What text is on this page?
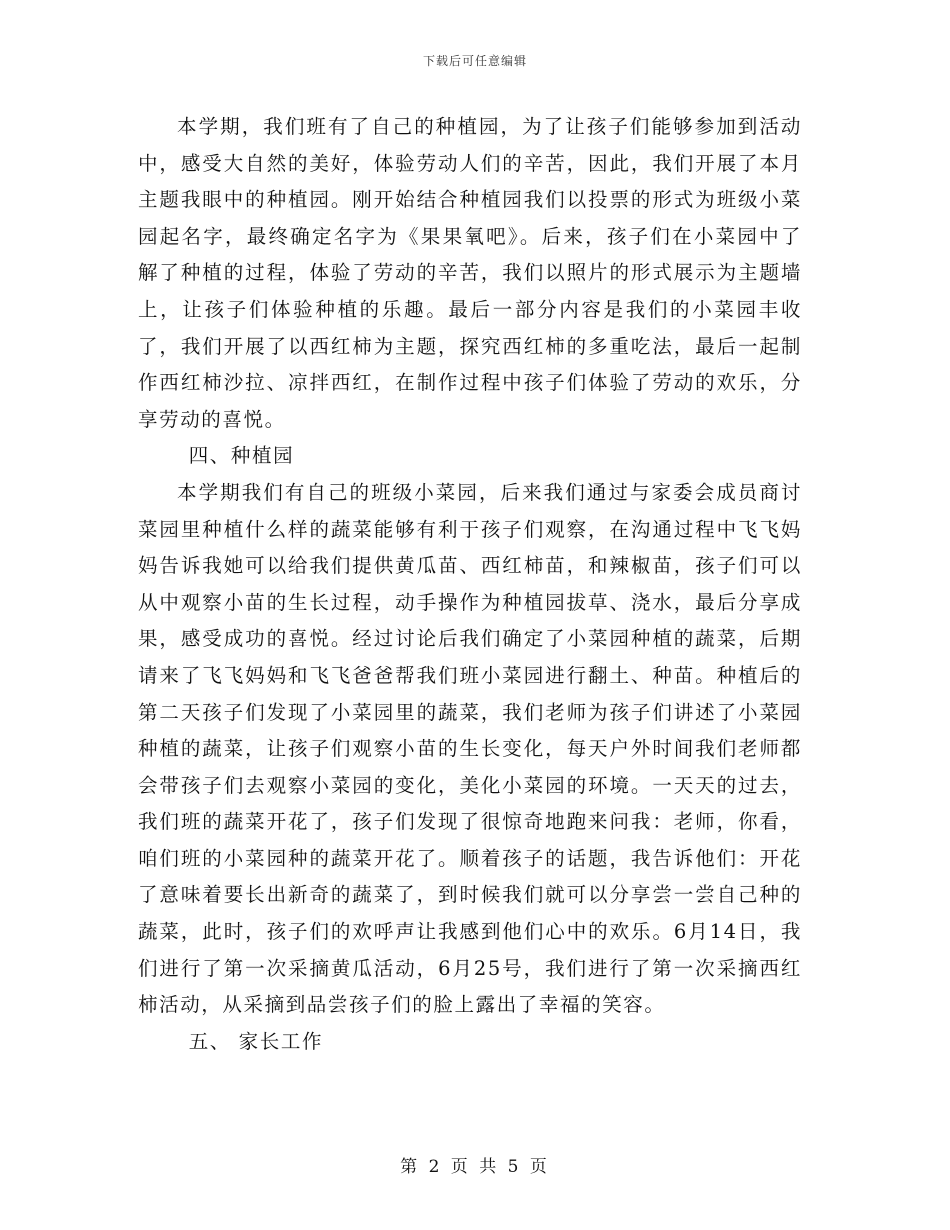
下载后可任意编辑

本学期，我们班有了自己的种植园，为了让孩子们能够参加到活动中，感受大自然的美好，体验劳动人们的辛苦，因此，我们开展了本月主题我眼中的种植园。刚开始结合种植园我们以投票的形式为班级小菜园起名字，最终确定名字为《果果氧吧》。后来，孩子们在小菜园中了解了种植的过程，体验了劳动的辛苦，我们以照片的形式展示为主题墙上，让孩子们体验种植的乐趣。最后一部分内容是我们的小菜园丰收了，我们开展了以西红柿为主题，探究西红柿的多重吃法，最后一起制作西红柿沙拉、凉拌西红，在制作过程中孩子们体验了劳动的欢乐，分享劳动的喜悦。

四、种植园

本学期我们有自己的班级小菜园，后来我们通过与家委会成员商讨菜园里种植什么样的蔬菜能够有利于孩子们观察，在沟通过程中飞飞妈妈告诉我她可以给我们提供黄瓜苗、西红柿苗，和辣椒苗，孩子们可以从中观察小苗的生长过程，动手操作为种植园拔草、浇水，最后分享成果，感受成功的喜悦。经过讨论后我们确定了小菜园种植的蔬菜，后期请来了飞飞妈妈和飞飞爸爸帮我们班小菜园进行翻土、种苗。种植后的第二天孩子们发现了小菜园里的蔬菜，我们老师为孩子们讲述了小菜园种植的蔬菜，让孩子们观察小苗的生长变化，每天户外时间我们老师都会带孩子们去观察小菜园的变化，美化小菜园的环境。一天天的过去，我们班的蔬菜开花了，孩子们发现了很惊奇地跑来问我：老师，你看，咱们班的小菜园种的蔬菜开花了。顺着孩子的话题，我告诉他们：开花了意味着要长出新奇的蔬菜了，到时候我们就可以分享尝一尝自己种的蔬菜，此时，孩子们的欢呼声让我感到他们心中的欢乐。6月14日，我们进行了第一次采摘黄瓜活动，6月25号，我们进行了第一次采摘西红柿活动，从采摘到品尝孩子们的脸上露出了幸福的笑容。

五、 家长工作

第 2 页 共 5 页
